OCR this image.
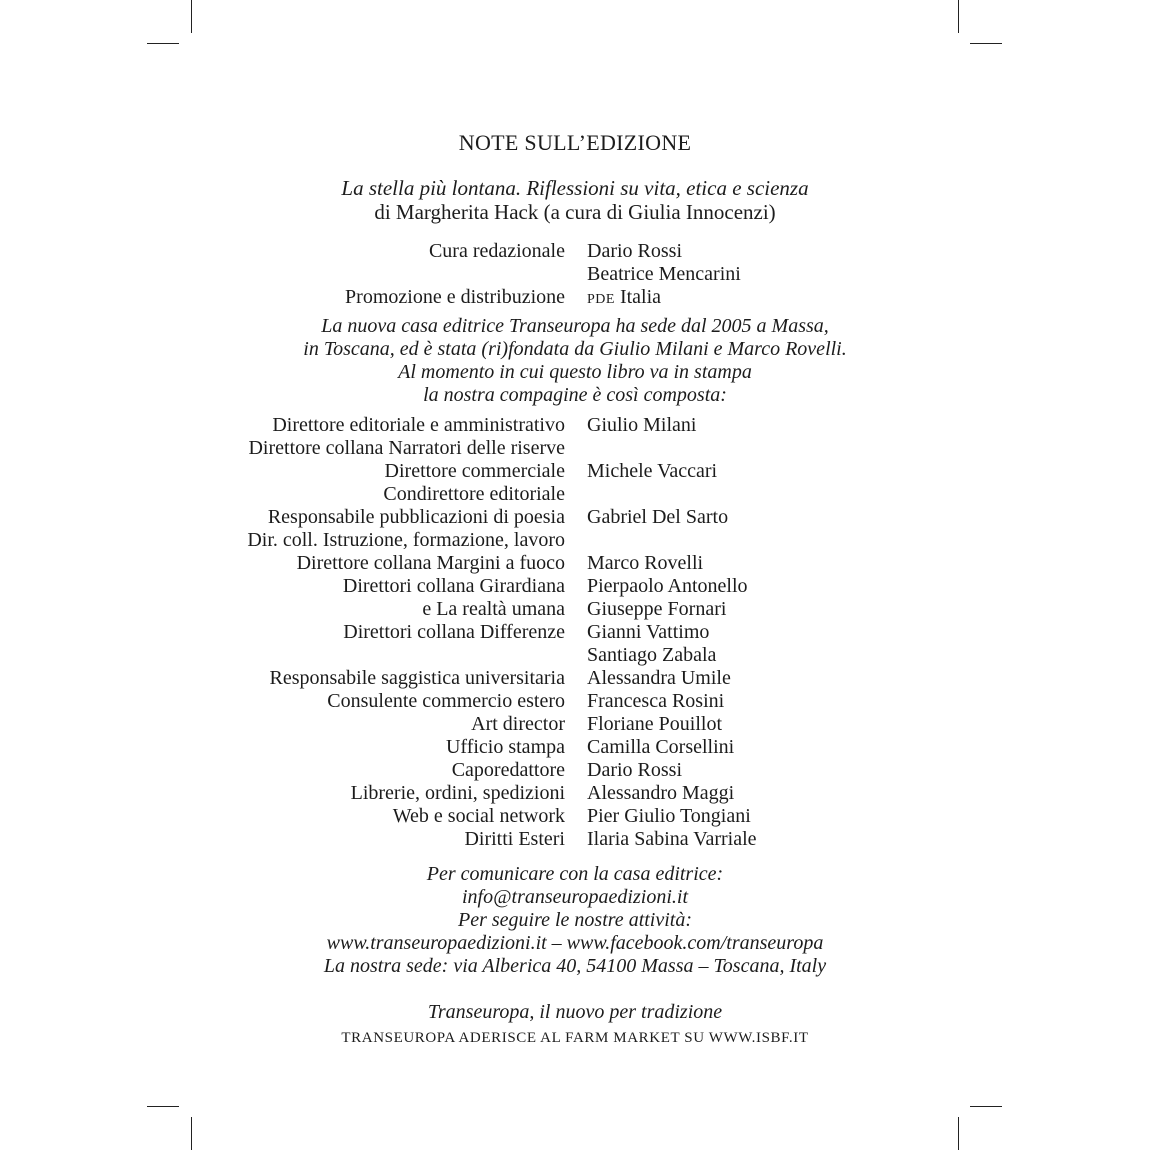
NOTE SULL’EDIZIONE
La stella più lontana. Riflessioni su vita, etica e scienza
di Margherita Hack (a cura di Giulia Innocenzi)
Cura redazionale Dario Rossi
Beatrice Mencarini
Promozione e distribuzione PDE Italia
La nuova casa editrice Transeuropa ha sede dal 2005 a Massa,
in Toscana, ed è stata (ri)fondata da Giulio Milani e Marco Rovelli.
Al momento in cui questo libro va in stampa
la nostra compagine è così composta:
Direttore editoriale e amministrativo Giulio Milani
Direttore collana Narratori delle riserve
Direttore commerciale Michele Vaccari
Condirettore editoriale
Responsabile pubblicazioni di poesia Gabriel Del Sarto
Dir. coll. Istruzione, formazione, lavoro
Direttore collana Margini a fuoco Marco Rovelli
Direttori collana Girardiana Pierpaolo Antonello
e La realtà umana Giuseppe Fornari
Direttori collana Differenze Gianni Vattimo
Santiago Zabala
Responsabile saggistica universitaria Alessandra Umile
Consulente commercio estero Francesca Rosini
Art director Floriane Pouillot
Ufficio stampa Camilla Corsellini
Caporedattore Dario Rossi
Librerie, ordini, spedizioni Alessandro Maggi
Web e social network Pier Giulio Tongiani
Diritti Esteri Ilaria Sabina Varriale
Per comunicare con la casa editrice:
info@transeuropaedizioni.it
Per seguire le nostre attività:
www.transeuropaedizioni.it – www.facebook.com/transeuropa
La nostra sede: via Alberica 40, 54100 Massa – Toscana, Italy
Transeuropa, il nuovo per tradizione
TRANSEUROPA ADERISCE AL FARM MARKET SU WWW.ISBF.IT
